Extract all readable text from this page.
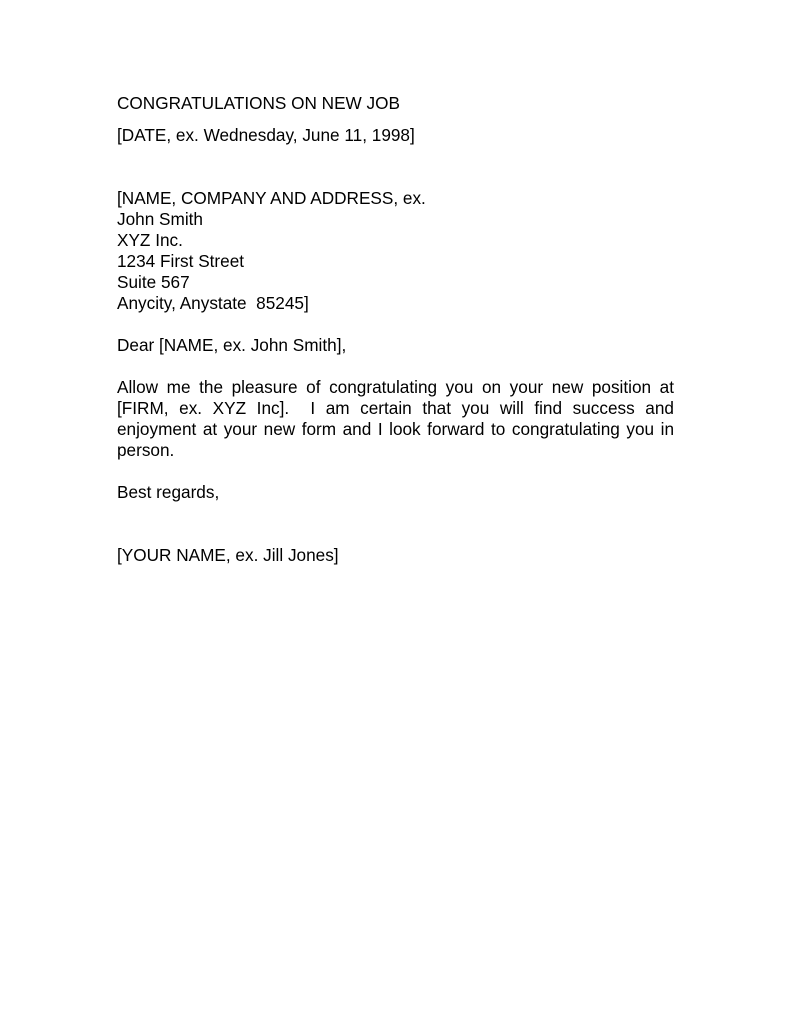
CONGRATULATIONS ON NEW JOB
[DATE, ex. Wednesday, June 11, 1998]
[NAME, COMPANY AND ADDRESS, ex.
John Smith
XYZ Inc.
1234 First Street
Suite 567
Anycity, Anystate  85245]
Dear [NAME, ex. John Smith],
Allow me the pleasure of congratulating you on your new position at [FIRM, ex. XYZ Inc].  I am certain that you will find success and enjoyment at your new form and I look forward to congratulating you in person.
Best regards,
[YOUR NAME, ex. Jill Jones]
